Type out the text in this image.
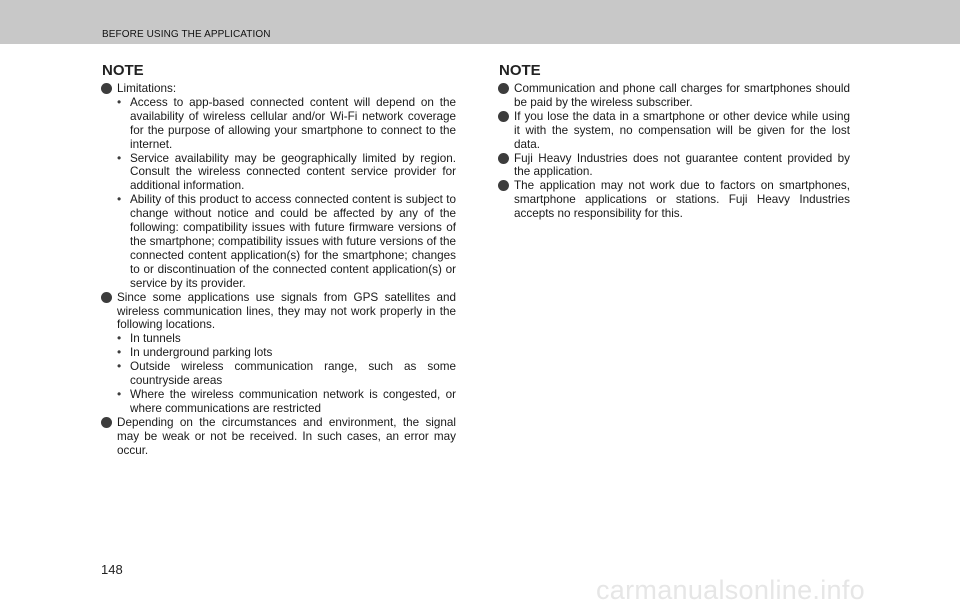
BEFORE USING THE APPLICATION
NOTE
Limitations:
• Access to app-based connected content will depend on the availability of wireless cellular and/or Wi-Fi network coverage for the purpose of allowing your smartphone to connect to the internet.
• Service availability may be geographically limited by region. Consult the wireless connected content service provider for additional information.
• Ability of this product to access connected content is subject to change without notice and could be affected by any of the following: compatibility issues with future firmware versions of the smartphone; compatibility issues with future versions of the connected content application(s) for the smartphone; changes to or discontinuation of the connected content application(s) or service by its provider.
Since some applications use signals from GPS satellites and wireless communication lines, they may not work properly in the following locations.
• In tunnels
• In underground parking lots
• Outside wireless communication range, such as some countryside areas
• Where the wireless communication network is congested, or where communications are restricted
Depending on the circumstances and environment, the signal may be weak or not be received. In such cases, an error may occur.
NOTE
Communication and phone call charges for smartphones should be paid by the wireless subscriber.
If you lose the data in a smartphone or other device while using it with the system, no compensation will be given for the lost data.
Fuji Heavy Industries does not guarantee content provided by the application.
The application may not work due to factors on smartphones, smartphone applications or stations. Fuji Heavy Industries accepts no responsibility for this.
148
carmanualsonline.info
